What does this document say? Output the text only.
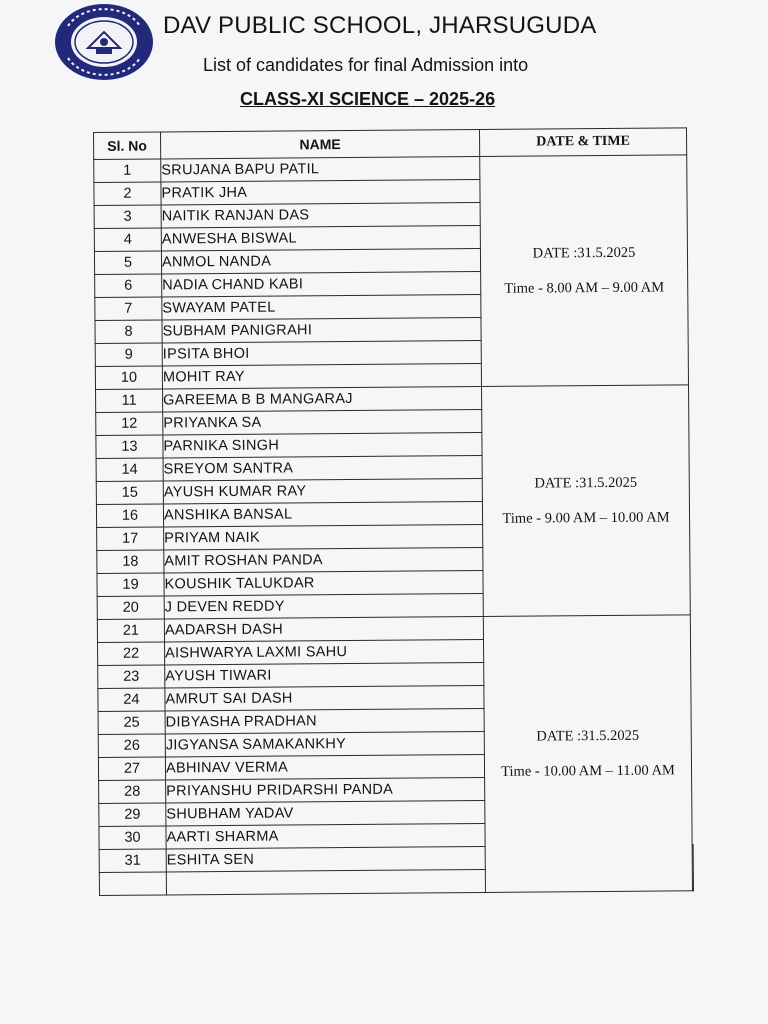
DAV PUBLIC SCHOOL, JHARSUGUDA
List of candidates for final Admission into
CLASS-XI SCIENCE – 2025-26
Sl. No	NAME	DATE & TIME	
1	SRUJANA BAPU PATIL	DATE :31.5.2025
Time - 8.00 AM – 9.00 AM	

2	PRATIK JHA		
3	NAITIK RANJAN DAS		
4	ANWESHA BISWAL		
5	ANMOL NANDA		
6	NADIA CHAND KABI		
7	SWAYAM PATEL		
8	SUBHAM PANIGRAHI		
9	IPSITA BHOI		
10	MOHIT RAY		
11	GAREEMA B B MANGARAJ	DATE :31.5.2025
Time - 9.00 AM – 10.00 AM	

12	PRIYANKA SA		
13	PARNIKA SINGH		
14	SREYOM SANTRA		
15	AYUSH KUMAR RAY		
16	ANSHIKA BANSAL		
17	PRIYAM NAIK		
18	AMIT ROSHAN PANDA		
19	KOUSHIK TALUKDAR		
20	J DEVEN REDDY		
21	AADARSH DASH	DATE :31.5.2025
Time - 10.00 AM – 11.00 AM	

22	AISHWARYA LAXMI SAHU		
23	AYUSH TIWARI		
24	AMRUT SAI DASH		
25	DIBYASHA PRADHAN		
26	JIGYANSA SAMAKANKHY		
27	ABHINAV VERMA		
28	PRIYANSHU PRIDARSHI PANDA		
29	SHUBHAM YADAV		
30	AARTI SHARMA		
31	ESHITA SEN		
